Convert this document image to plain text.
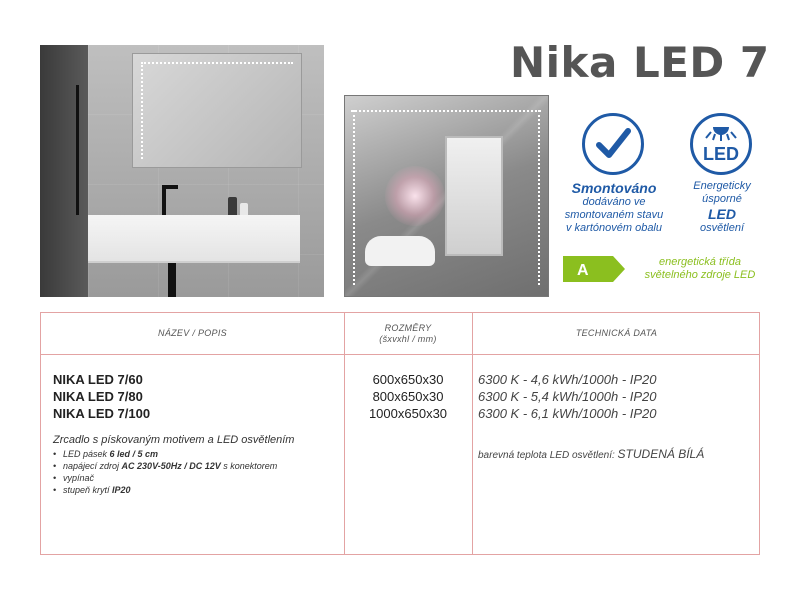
Nika LED 7
Smontováno
dodáváno ve
smontovaném stavu
v kartónovém obalu
LED
Energeticky
úsporné
LED
osvětlení
A	energetická třída
světelného zdroje LED
NÁZEV / POPIS
ROZMĚRY
(šxvxhl / mm)
TECHNICKÁ DATA
NIKA LED 7/60
NIKA LED 7/80
NIKA LED 7/100
600x650x30
800x650x30
1000x650x30
6300 K - 4,6 kWh/1000h - IP20
6300 K - 5,4 kWh/1000h - IP20
6300 K - 6,1 kWh/1000h - IP20
Zrcadlo s pískovaným motivem a LED osvětlením
• LED pásek 6 led / 5 cm
• napájecí zdroj AC 230V-50Hz / DC 12V s konektorem
• vypínač
• stupeň krytí IP20
barevná teplota LED osvětlení: STUDENÁ BÍLÁ
